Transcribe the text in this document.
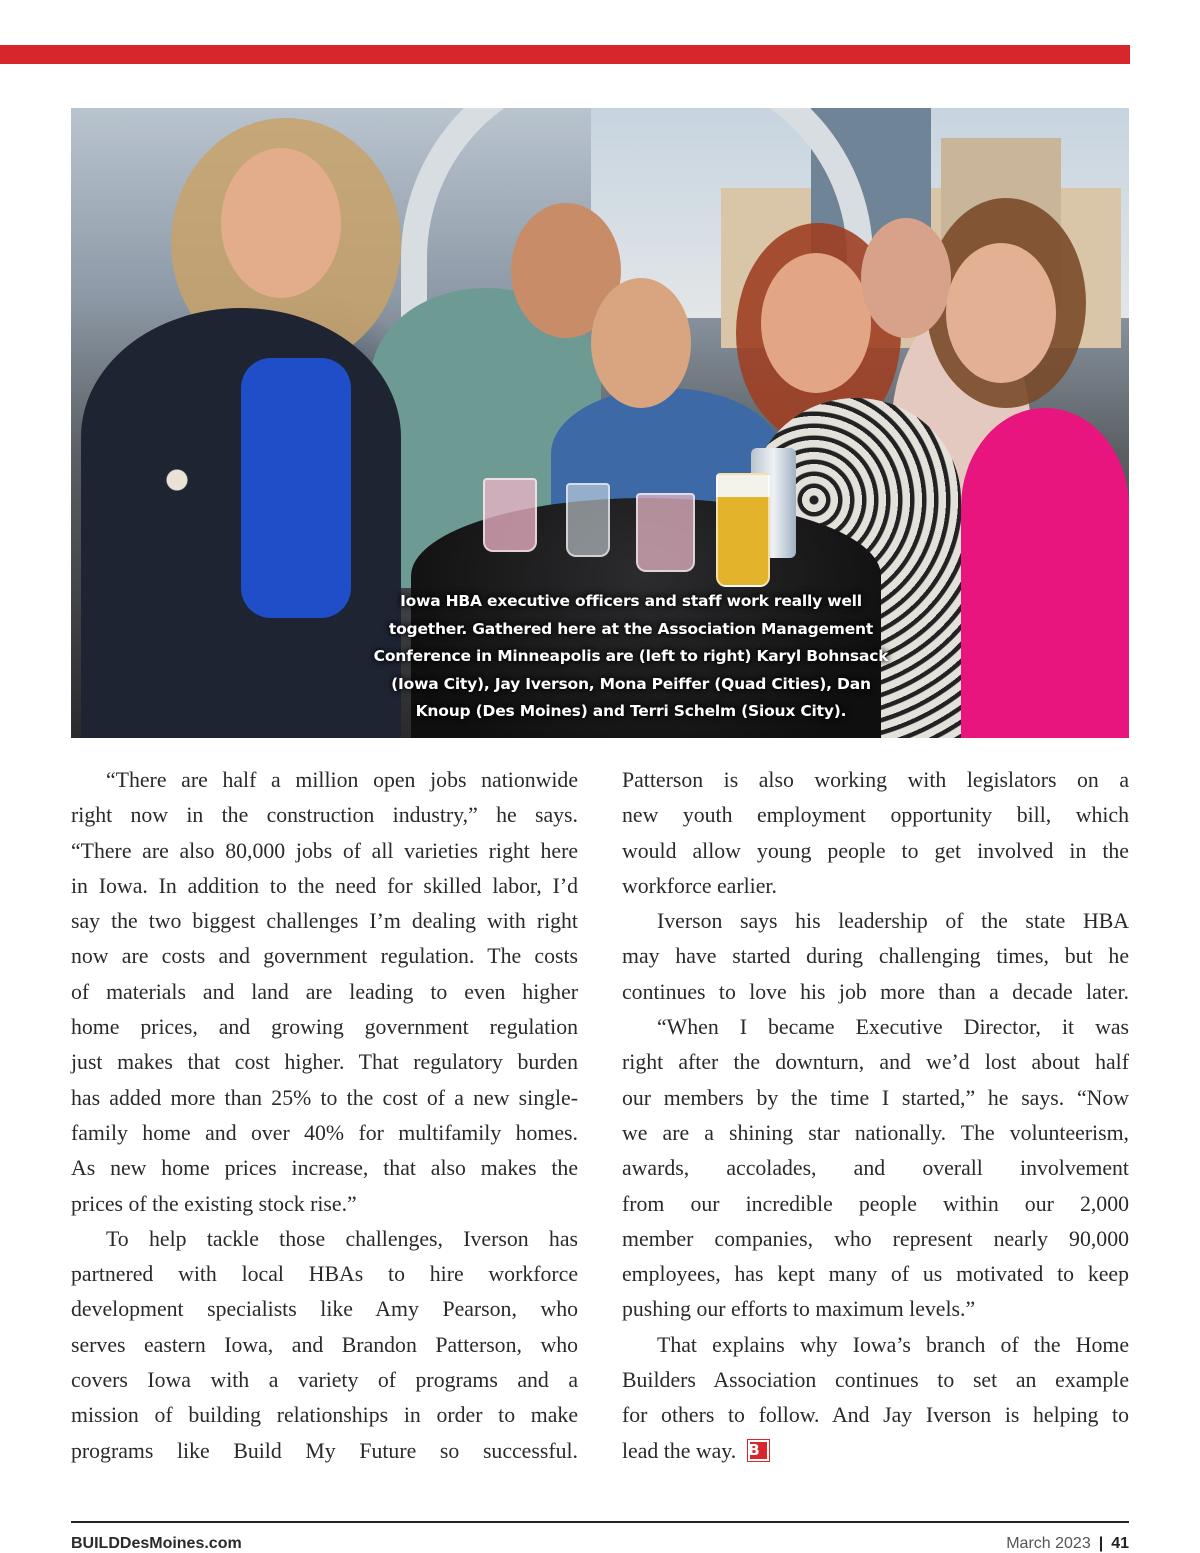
Iowa HBA executive officers and staff work really well
together. Gathered here at the Association Management
Conference in Minneapolis are (left to right) Karyl Bohnsack
(Iowa City), Jay Iverson, Mona Peiffer (Quad Cities), Dan
Knoup (Des Moines) and Terri Schelm (Sioux City).
“There are half a million open jobs nationwide
right now in the construction industry,” he says.
“There are also 80,000 jobs of all varieties right here
in Iowa. In addition to the need for skilled labor, I’d
say the two biggest challenges I’m dealing with right
now are costs and government regulation. The costs
of materials and land are leading to even higher
home prices, and growing government regulation
just makes that cost higher. That regulatory burden
has added more than 25% to the cost of a new single-
family home and over 40% for multifamily homes.
As new home prices increase, that also makes the
prices of the existing stock rise.”
To help tackle those challenges, Iverson has
partnered with local HBAs to hire workforce
development specialists like Amy Pearson, who
serves eastern Iowa, and Brandon Patterson, who
covers Iowa with a variety of programs and a
mission of building relationships in order to make
programs like Build My Future so successful.
Patterson is also working with legislators on a
new youth employment opportunity bill, which
would allow young people to get involved in the
workforce earlier.
Iverson says his leadership of the state HBA
may have started during challenging times, but he
continues to love his job more than a decade later.
“When I became Executive Director, it was
right after the downturn, and we’d lost about half
our members by the time I started,” he says. “Now
we are a shining star nationally. The volunteerism,
awards, accolades, and overall involvement
from our incredible people within our 2,000
member companies, who represent nearly 90,000
employees, has kept many of us motivated to keep
pushing our efforts to maximum levels.”
That explains why Iowa’s branch of the Home
Builders Association continues to set an example
for others to follow. And Jay Iverson is helping to
lead the way. B
BUILDDesMoines.com	March 2023 | 41
